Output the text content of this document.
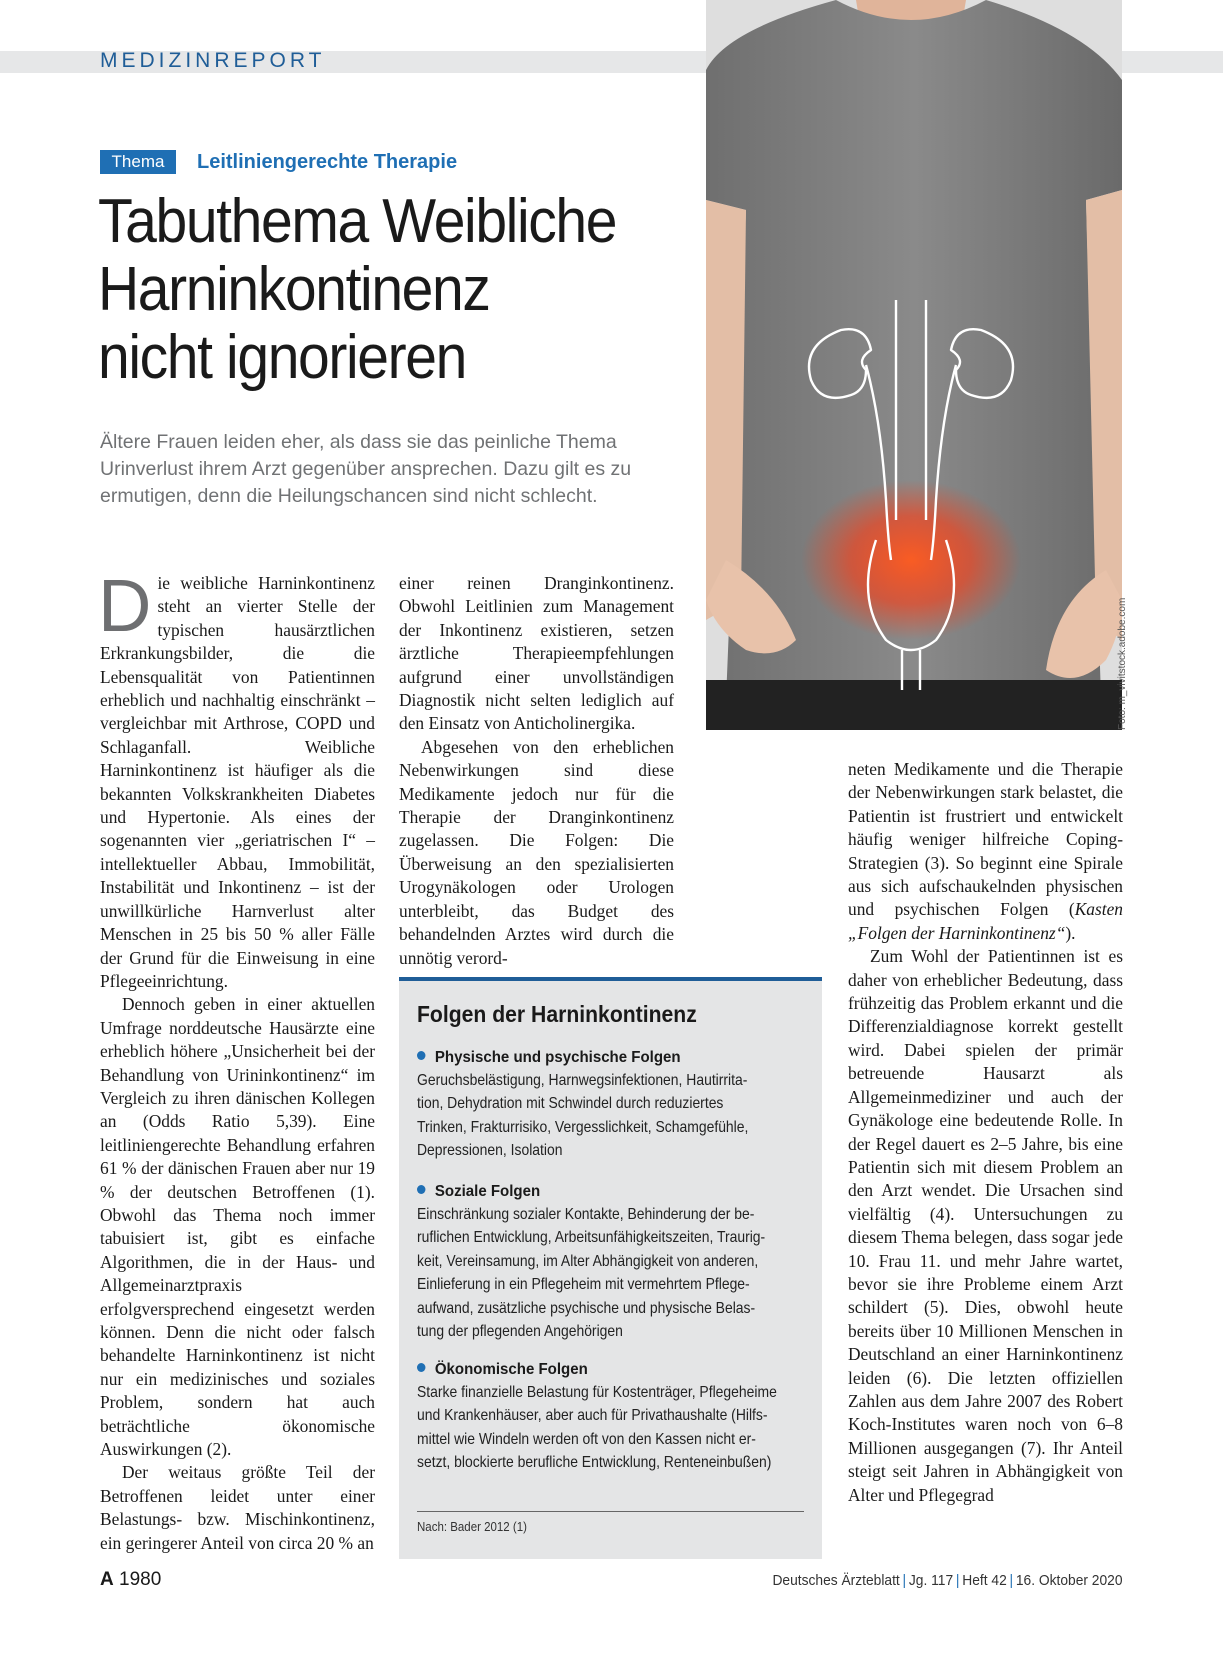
MEDIZINREPORT
Foto: m_vivitstock.adobe.com
Thema	Leitliniengerechte Therapie
Tabuthema Weibliche
Harninkontinenz
nicht ignorieren
Ältere Frauen leiden eher, als dass sie das peinliche Thema
Urinverlust ihrem Arzt gegenüber ansprechen. Dazu gilt es zu
ermutigen, denn die Heilungschancen sind nicht schlecht.

Die weibliche Harninkontinenz steht an vierter Stelle der typischen hausärztlichen Erkrankungsbilder, die die Lebensqualität von Patientinnen erheblich und nachhaltig einschränkt – vergleichbar mit Arthrose, COPD und Schlaganfall. Weibliche Harninkontinenz ist häufiger als die bekannten Volkskrankheiten Diabetes und Hypertonie. Als eines der sogenannten vier „geriatrischen I“ – intellektueller Abbau, Immobilität, Instabilität und Inkontinenz – ist der unwillkürliche Harnverlust alter Menschen in 25 bis 50 % aller Fälle der Grund für die Einweisung in eine Pflegeeinrichtung.

Dennoch geben in einer aktuellen Umfrage norddeutsche Hausärzte eine erheblich höhere „Unsicherheit bei der Behandlung von Urininkontinenz“ im Vergleich zu ihren dänischen Kollegen an (Odds Ratio 5,39). Eine leitliniengerechte Behandlung erfahren 61 % der dänischen Frauen aber nur 19 % der deutschen Betroffenen (1). Obwohl das Thema noch immer tabuisiert ist, gibt es einfache Algorithmen, die in der Haus- und Allgemeinarztpraxis erfolgversprechend eingesetzt werden können. Denn die nicht oder falsch behandelte Harninkontinenz ist nicht nur ein medizinisches und soziales Problem, sondern hat auch beträchtliche ökonomische Auswirkungen (2).

Der weitaus größte Teil der Betroffenen leidet unter einer Belastungs- bzw. Mischinkontinenz, ein geringerer Anteil von circa 20 % an

einer reinen Dranginkontinenz. Obwohl Leitlinien zum Management der Inkontinenz existieren, setzen ärztliche Therapieempfehlungen aufgrund einer unvollständigen Diagnostik nicht selten lediglich auf den Einsatz von Anticholinergika.

Abgesehen von den erheblichen Nebenwirkungen sind diese Medikamente jedoch nur für die Therapie der Dranginkontinenz zugelassen. Die Folgen: Die Überweisung an den spezialisierten Urogynäkologen oder Urologen unterbleibt, das Budget des behandelnden Arztes wird durch die unnötig verord-

neten Medikamente und die Therapie der Nebenwirkungen stark belastet, die Patientin ist frustriert und entwickelt häufig weniger hilfreiche Coping-Strategien (3). So beginnt eine Spirale aus sich aufschaukelnden physischen und psychischen Folgen (Kasten „Folgen der Harninkontinenz“).

Zum Wohl der Patientinnen ist es daher von erheblicher Bedeutung, dass frühzeitig das Problem erkannt und die Differenzialdiagnose korrekt gestellt wird. Dabei spielen der primär betreuende Hausarzt als Allgemeinmediziner und auch der Gynäkologe eine bedeutende Rolle. In der Regel dauert es 2–5 Jahre, bis eine Patientin sich mit diesem Problem an den Arzt wendet. Die Ursachen sind vielfältig (4). Untersuchungen zu diesem Thema belegen, dass sogar jede 10. Frau 11. und mehr Jahre wartet, bevor sie ihre Probleme einem Arzt schildert (5). Dies, obwohl heute bereits über 10 Millionen Menschen in Deutschland an einer Harninkontinenz leiden (6). Die letzten offiziellen Zahlen aus dem Jahre 2007 des Robert Koch-Institutes waren noch von 6–8 Millionen ausgegangen (7). Ihr Anteil steigt seit Jahren in Abhängigkeit von Alter und Pflegegrad

Folgen der Harninkontinenz
Physische und psychische Folgen
Geruchsbelästigung, Harnwegsinfektionen, Hautirrita-
tion, Dehydration mit Schwindel durch reduziertes
Trinken, Frakturrisiko, Vergesslichkeit, Schamgefühle,
Depressionen, Isolation
Soziale Folgen
Einschränkung sozialer Kontakte, Behinderung der be-
ruflichen Entwicklung, Arbeitsunfähigkeitszeiten, Traurig-
keit, Vereinsamung, im Alter Abhängigkeit von anderen,
Einlieferung in ein Pflegeheim mit vermehrtem Pflege-
aufwand, zusätzliche psychische und physische Belas-
tung der pflegenden Angehörigen
Ökonomische Folgen
Starke finanzielle Belastung für Kostenträger, Pflegeheime
und Krankenhäuser, aber auch für Privathaushalte (Hilfs-
mittel wie Windeln werden oft von den Kassen nicht er-
setzt, blockierte berufliche Entwicklung, Renteneinbußen)
Nach: Bader 2012 (1)
A 1980	Deutsches Ärzteblatt | Jg. 117 | Heft 42 | 16. Oktober 2020
